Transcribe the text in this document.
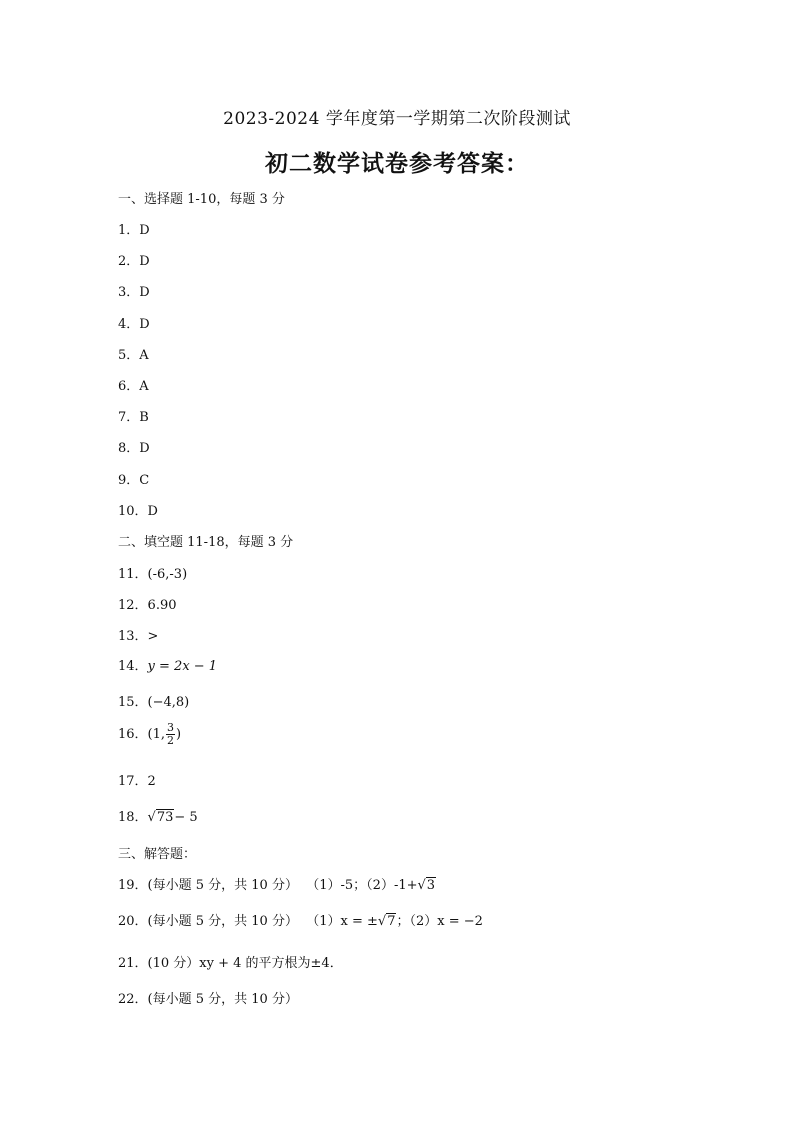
2023-2024 学年度第一学期第二次阶段测试
初二数学试卷参考答案：
一、选择题 1-10，每题 3 分
1．D
2．D
3．D
4．D
5．A
6．A
7．B
8．D
9．C
10．D
二、填空题 11-18，每题 3 分
11．(-6,-3)
12．6.90
13．>
14．y = 2x − 1
15．(−4,8)
16．(1, $\frac{3}{2}$ )
17．2
18．√73− 5
三、解答题：
19．(每小题 5 分，共 10 分） （1）-5；（2）-1+√3
20．(每小题 5 分，共 10 分） （1）x = ±√7；（2）x = −2
21．(10 分）xy + 4 的平方根为±4．
22．(每小题 5 分，共 10 分）
